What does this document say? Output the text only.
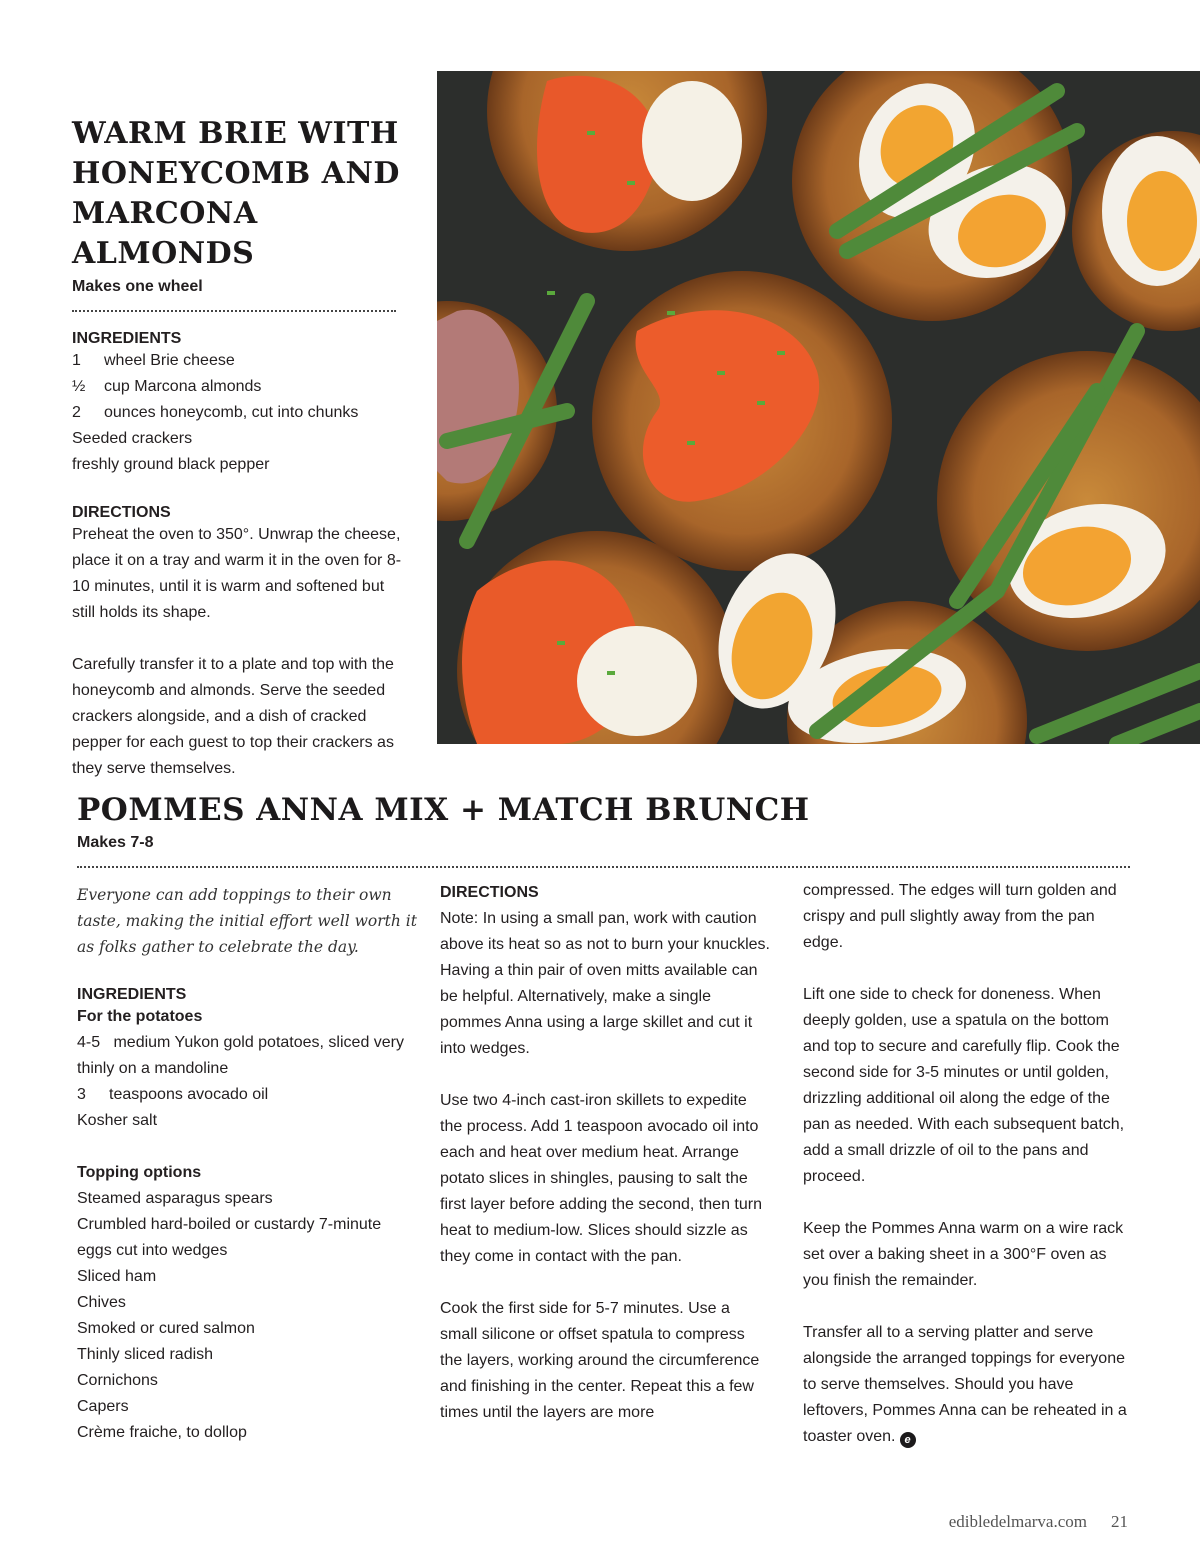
WARM BRIE WITH HONEYCOMB AND MARCONA ALMONDS
Makes one wheel
INGREDIENTS
1 wheel Brie cheese
½ cup Marcona almonds
2 ounces honeycomb, cut into chunks
Seeded crackers
freshly ground black pepper
DIRECTIONS

Preheat the oven to 350°. Unwrap the cheese, place it on a tray and warm it in the oven for 8-10 minutes, until it is warm and softened but still holds its shape.

Carefully transfer it to a plate and top with the honeycomb and almonds. Serve the seeded crackers alongside, and a dish of cracked pepper for each guest to top their crackers as they serve themselves.

POMMES ANNA MIX + MATCH BRUNCH
Makes 7-8

Everyone can add toppings to their own taste, making the initial effort well worth it as folks gather to celebrate the day.

INGREDIENTS
For the potatoes
4-5 medium Yukon gold potatoes, sliced very thinly on a mandoline
3 teaspoons avocado oil
Kosher salt
Topping options
Steamed asparagus spears
Crumbled hard-boiled or custardy 7-minute eggs cut into wedges
Sliced ham
Chives
Smoked or cured salmon
Thinly sliced radish
Cornichons
Capers
Crème fraiche, to dollop
DIRECTIONS

Note: In using a small pan, work with caution above its heat so as not to burn your knuckles. Having a thin pair of oven mitts available can be helpful. Alternatively, make a single pommes Anna using a large skillet and cut it into wedges.

Use two 4-inch cast-iron skillets to expedite the process. Add 1 teaspoon avocado oil into each and heat over medium heat. Arrange potato slices in shingles, pausing to salt the first layer before adding the second, then turn heat to medium-low. Slices should sizzle as they come in contact with the pan.

Cook the first side for 5-7 minutes. Use a small silicone or offset spatula to compress the layers, working around the circumference and finishing in the center. Repeat this a few times until the layers are more

compressed. The edges will turn golden and crispy and pull slightly away from the pan edge.

Lift one side to check for doneness. When deeply golden, use a spatula on the bottom and top to secure and carefully flip. Cook the second side for 3-5 minutes or until golden, drizzling additional oil along the edge of the pan as needed. With each subsequent batch, add a small drizzle of oil to the pans and proceed.

Keep the Pommes Anna warm on a wire rack set over a baking sheet in a 300°F oven as you finish the remainder.

Transfer all to a serving platter and serve alongside the arranged toppings for everyone to serve themselves. Should you have leftovers, Pommes Anna can be reheated in a toaster oven. e

edibledelmarva.com 21
